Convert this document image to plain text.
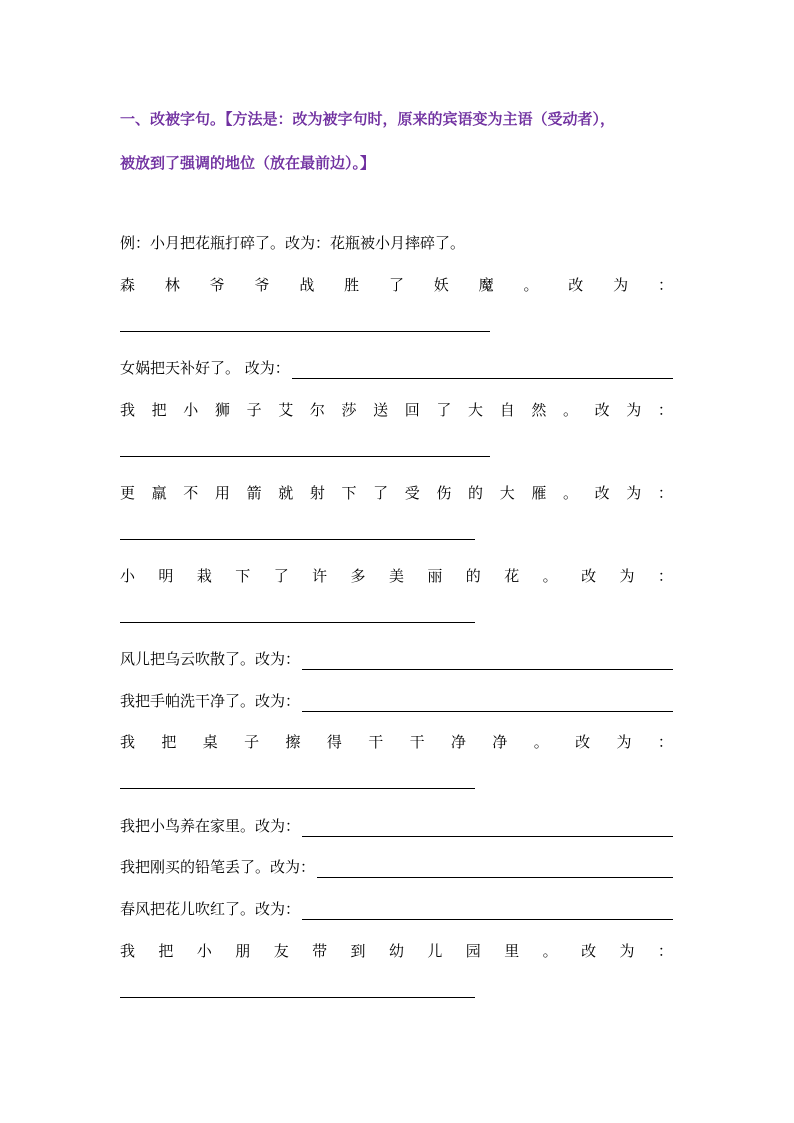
一、改被字句。【方法是：改为被字句时，原来的宾语变为主语（受动者），
被放到了强调的地位（放在最前边）。】
例：小月把花瓶打碎了。改为：花瓶被小月摔碎了。
森 林 爷 爷 战 胜 了 妖 魔 。 改 为 ：
女娲把天补好了。 改为：
我 把 小 狮 子 艾 尔 莎 送 回 了 大 自 然 。 改 为 ：
更 羸 不 用 箭 就 射 下 了 受 伤 的 大 雁 。 改 为 ：
小 明 栽 下 了 许 多 美 丽 的 花 。 改 为 ：
风儿把乌云吹散了。改为：
我把手帕洗干净了。改为：
我 把 桌 子 擦 得 干 干 净 净 。 改 为 ：
我把小鸟养在家里。改为：
我把刚买的铅笔丢了。改为：
春风把花儿吹红了。改为：
我 把 小 朋 友 带 到 幼 儿 园 里 。 改 为 ：
